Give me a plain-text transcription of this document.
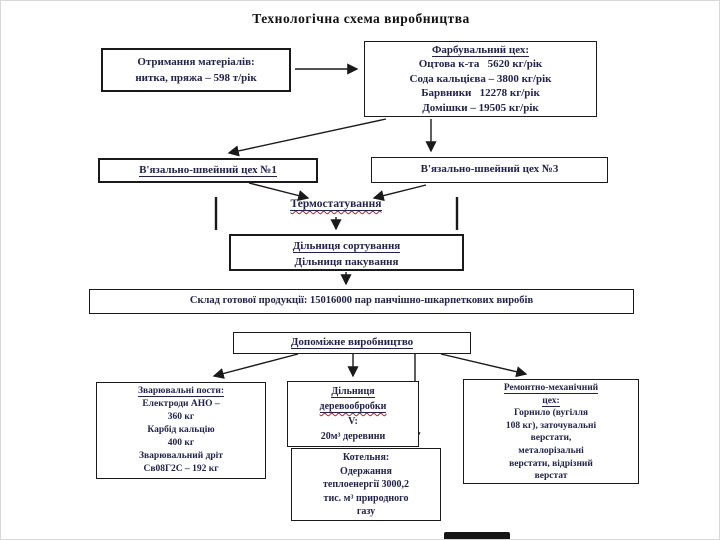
Технологічна схема виробництва
Отримання матеріалів:
нитка, пряжа – 598 т/рік
Фарбувальний цех:
Оцтова к-та   5620 кг/рік
Сода кальцієва – 3800 кг/рік
Барвники   12278 кг/рік
Домішки – 19505 кг/рік
В'язально-швейний цех №1	В'язально-швейний цех №3
Термостатування
Дільниця сортування
Дільниця пакування
Склад готової продукції: 15016000 пар панчішно-шкарпеткових виробів
Допоміжне виробництво
Зварювальні пости:
Електроди АНО –
360 кг
Карбід кальцію
400 кг
Зварювальний дріт
Св08Г2С – 192 кг
Дільниця
деревообробки
V:
20м³ деревини
Котельня:
Одержання
теплоенергії 3000,2
тис. м³ природного
газу
Ремонтно-механічний
цех:
Горнило (вугілля
108 кг), заточувальні
верстати,
металорізальні
верстати, відрізний
верстат
